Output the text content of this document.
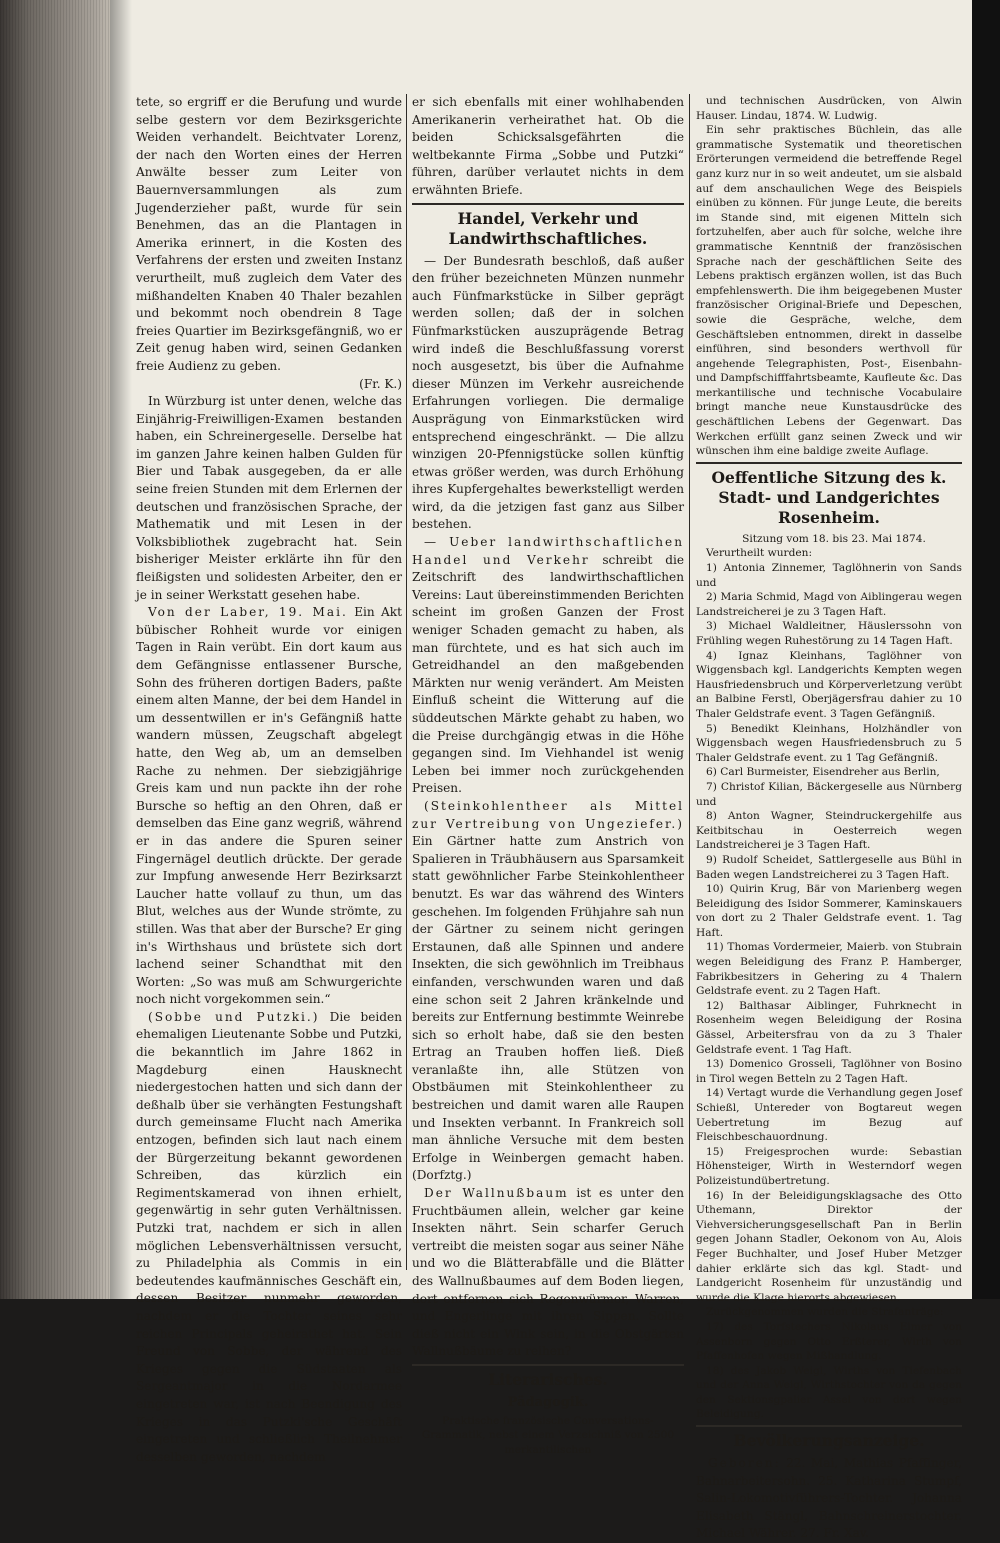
tete, so ergriff er die Berufung und wurde selbe gestern vor dem Bezirksgerichte Weiden verhandelt. Beichtvater Lorenz, der nach den Worten eines der Herren Anwälte besser zum Leiter von Bauernversammlungen als zum Jugenderzieher paßt, wurde für sein Benehmen, das an die Plantagen in Amerika erinnert, in die Kosten des Verfahrens der ersten und zweiten Instanz verurtheilt, muß zugleich dem Vater des mißhandelten Knaben 40 Thaler bezahlen und bekommt noch obendrein 8 Tage freies Quartier im Bezirksgefängniß, wo er Zeit genug haben wird, seinen Gedanken freie Audienz zu geben.

(Fr. K.)

In Würzburg ist unter denen, welche das Einjährig-Freiwilligen-Examen bestanden haben, ein Schreinergeselle. Derselbe hat im ganzen Jahre keinen halben Gulden für Bier und Tabak ausgegeben, da er alle seine freien Stunden mit dem Erlernen der deutschen und französischen Sprache, der Mathematik und mit Lesen in der Volksbibliothek zugebracht hat. Sein bisheriger Meister erklärte ihn für den fleißigsten und solidesten Arbeiter, den er je in seiner Werkstatt gesehen habe.

Von der Laber, 19. Mai. Ein Akt bübischer Rohheit wurde vor einigen Tagen in Rain verübt. Ein dort kaum aus dem Gefängnisse entlassener Bursche, Sohn des früheren dortigen Baders, paßte einem alten Manne, der bei dem Handel in um dessentwillen er in's Gefängniß hatte wandern müssen, Zeugschaft abgelegt hatte, den Weg ab, um an demselben Rache zu nehmen. Der siebzigjährige Greis kam und nun packte ihn der rohe Bursche so heftig an den Ohren, daß er demselben das Eine ganz wegriß, während er in das andere die Spuren seiner Fingernägel deutlich drückte. Der gerade zur Impfung anwesende Herr Bezirksarzt Laucher hatte vollauf zu thun, um das Blut, welches aus der Wunde strömte, zu stillen. Was that aber der Bursche? Er ging in's Wirthshaus und brüstete sich dort lachend seiner Schandthat mit den Worten: „So was muß am Schwurgerichte noch nicht vorgekommen sein.“

(Sobbe und Putzki.) Die beiden ehemaligen Lieutenante Sobbe und Putzki, die bekanntlich im Jahre 1862 in Magdeburg einen Hausknecht niedergestochen hatten und sich dann der deßhalb über sie verhängten Festungshaft durch gemeinsame Flucht nach Amerika entzogen, befinden sich laut nach einem der Bürgerzeitung bekannt gewordenen Schreiben, das kürzlich ein Regimentskamerad von ihnen erhielt, gegenwärtig in sehr guten Verhältnissen. Putzki trat, nachdem er sich in allen möglichen Lebensverhältnissen versucht, zu Philadelphia als Commis in ein bedeutendes kaufmännisches Geschäft ein, dessen Besitzer nunmehr geworden, nachdem er die Tochter seines sehr reichen Principals geheirathet hat. Sein Freund von Sobbe, der während des Krieges gegen die Südstaaten als Sergeantmajor in die Nordarmee eingetreten war, ist nach Beendigung des Krieges in das Putzki'sche Geschäft eingetreten und schließlich Theilnehmer desselben geworden, nachdem

er sich ebenfalls mit einer wohlhabenden Amerikanerin verheirathet hat. Ob die beiden Schicksalsgefährten die weltbekannte Firma „Sobbe und Putzki“ führen, darüber verlautet nichts in dem erwähnten Briefe.

Handel, Verkehr und Landwirthschaftliches.

— Der Bundesrath beschloß, daß außer den früher bezeichneten Münzen nunmehr auch Fünfmarkstücke in Silber geprägt werden sollen; daß der in solchen Fünfmarkstücken auszuprägende Betrag wird indeß die Beschlußfassung vorerst noch ausgesetzt, bis über die Aufnahme dieser Münzen im Verkehr ausreichende Erfahrungen vorliegen. Die dermalige Ausprägung von Einmarkstücken wird entsprechend eingeschränkt. — Die allzu winzigen 20-Pfennigstücke sollen künftig etwas größer werden, was durch Erhöhung ihres Kupfergehaltes bewerkstelligt werden wird, da die jetzigen fast ganz aus Silber bestehen.

— Ueber landwirthschaftlichen Handel und Verkehr schreibt die Zeitschrift des landwirthschaftlichen Vereins: Laut übereinstimmenden Berichten scheint im großen Ganzen der Frost weniger Schaden gemacht zu haben, als man fürchtete, und es hat sich auch im Getreidhandel an den maßgebenden Märkten nur wenig verändert. Am Meisten Einfluß scheint die Witterung auf die süddeutschen Märkte gehabt zu haben, wo die Preise durchgängig etwas in die Höhe gegangen sind. Im Viehhandel ist wenig Leben bei immer noch zurückgehenden Preisen.

(Steinkohlentheer als Mittel zur Vertreibung von Ungeziefer.) Ein Gärtner hatte zum Anstrich von Spalieren in Träubhäusern aus Sparsamkeit statt gewöhnlicher Farbe Steinkohlentheer benutzt. Es war das während des Winters geschehen. Im folgenden Frühjahre sah nun der Gärtner zu seinem nicht geringen Erstaunen, daß alle Spinnen und andere Insekten, die sich gewöhnlich im Treibhaus einfanden, verschwunden waren und daß eine schon seit 2 Jahren kränkelnde und bereits zur Entfernung bestimmte Weinrebe sich so erholt habe, daß sie den besten Ertrag an Trauben hoffen ließ. Dieß veranlaßte ihn, alle Stützen von Obstbäumen mit Steinkohlentheer zu bestreichen und damit waren alle Raupen und Insekten verbannt. In Frankreich soll man ähnliche Versuche mit dem besten Erfolge in Weinbergen gemacht haben. (Dorfztg.)

Der Wallnußbaum ist es unter den Fruchtbäumen allein, welcher gar keine Insekten nährt. Sein scharfer Geruch vertreibt die meisten sogar aus seiner Nähe und wo die Blätterabfälle und die Blätter des Wallnußbaumes auf dem Boden liegen, dort entfernen sich Regenwürmer, Warren, und Engerlinge mit ihren Sippen. Sollte dieß nicht ein Wink sein, in die Obstgärten Wallnußbäume zu reihen?

Literarisches.
Pädagogik.

Praktische französische Conversations-Grammatik, nebst einem Verzeichniß von 2500 merkantilischen

und technischen Ausdrücken, von Alwin Hauser. Lindau, 1874. W. Ludwig.

Ein sehr praktisches Büchlein, das alle grammatische Systematik und theoretischen Erörterungen vermeidend die betreffende Regel ganz kurz nur in so weit andeutet, um sie alsbald auf dem anschaulichen Wege des Beispiels einüben zu können. Für junge Leute, die bereits im Stande sind, mit eigenen Mitteln sich fortzuhelfen, aber auch für solche, welche ihre grammatische Kenntniß der französischen Sprache nach der geschäftlichen Seite des Lebens praktisch ergänzen wollen, ist das Buch empfehlenswerth. Die ihm beigegebenen Muster französischer Original-Briefe und Depeschen, sowie die Gespräche, welche, dem Geschäftsleben entnommen, direkt in dasselbe einführen, sind besonders werthvoll für angehende Telegraphisten, Post-, Eisenbahn- und Dampfschifffahrtsbeamte, Kaufleute &c. Das merkantilische und technische Vocabulaire bringt manche neue Kunstausdrücke des geschäftlichen Lebens der Gegenwart. Das Werkchen erfüllt ganz seinen Zweck und wir wünschen ihm eine baldige zweite Auflage.

Oeffentliche Sitzung des k. Stadt- und Landgerichtes Rosenheim.

Sitzung vom 18. bis 23. Mai 1874.

Verurtheilt wurden:

1) Antonia Zinnemer, Taglöhnerin von Sands und

2) Maria Schmid, Magd von Aiblingerau wegen Landstreicherei je zu 3 Tagen Haft.

3) Michael Waldleitner, Häuslerssohn von Frühling wegen Ruhestörung zu 14 Tagen Haft.

4) Ignaz Kleinhans, Taglöhner von Wiggensbach kgl. Landgerichts Kempten wegen Hausfriedensbruch und Körperverletzung verübt an Balbine Ferstl, Oberjägersfrau dahier zu 10 Thaler Geldstrafe event. 3 Tagen Gefängniß.

5) Benedikt Kleinhans, Holzhändler von Wiggensbach wegen Hausfriedensbruch zu 5 Thaler Geldstrafe event. zu 1 Tag Gefängniß.

6) Carl Burmeister, Eisendreher aus Berlin,

7) Christof Kilian, Bäckergeselle aus Nürnberg und

8) Anton Wagner, Steindruckergehilfe aus Keitbitschau in Oesterreich wegen Landstreicherei je 3 Tagen Haft.

9) Rudolf Scheidet, Sattlergeselle aus Bühl in Baden wegen Landstreicherei zu 3 Tagen Haft.

10) Quirin Krug, Bär von Marienberg wegen Beleidigung des Isidor Sommerer, Kaminskauers von dort zu 2 Thaler Geldstrafe event. 1. Tag Haft.

11) Thomas Vordermeier, Maierb. von Stubrain wegen Beleidigung des Franz P. Hamberger, Fabrikbesitzers in Gehering zu 4 Thalern Geldstrafe event. zu 2 Tagen Haft.

12) Balthasar Aiblinger, Fuhrknecht in Rosenheim wegen Beleidigung der Rosina Gässel, Arbeitersfrau von da zu 3 Thaler Geldstrafe event. 1 Tag Haft.

13) Domenico Grosseli, Taglöhner von Bosino in Tirol wegen Betteln zu 2 Tagen Haft.

14) Vertagt wurde die Verhandlung gegen Josef Schießl, Untereder von Bogtareut wegen Uebertretung im Bezug auf Fleischbeschauordnung.

15) Freigesprochen wurde: Sebastian Höhensteiger, Wirth in Westerndorf wegen Polizeistundübertretung.

16) In der Beleidigungsklagsache des Otto Uthemann, Direktor der Viehversicherungsgesellschaft Pan in Berlin gegen Johann Stadler, Oekonom von Au, Alois Feger Buchhalter, und Josef Huber Metzger dahier erklärte sich das kgl. Stadt- und Landgericht Rosenheim für unzuständig und wurde die Klage hierorts abgewiesen.

Zurückgenommen wurden die Strafanträge:

17) des Torfstechers Nikolaus Eimer von Assenborn gegen Otto Erßterer, Wirth von Pfaffenhofen wegen Mißhandlung.

18) des Jakob Weigl, Wirths von Tiefenbach und der Anna Weigl, Wirthstochter von da gegen den Sektionsgpalier Assel von dort wegen Beleidigung.

Bevölkerungsanzeige.

Geboren: 22. Mai, Mathias Pfaffinger, Bahnarbeitersohn. 25. Katharina Stumpf, Salin-Lokomotivführers-Tochter. Johanna Elisabeth Stängl, Bahnschreinerstochter. Michael Währer. 27. Fr. Xav.
